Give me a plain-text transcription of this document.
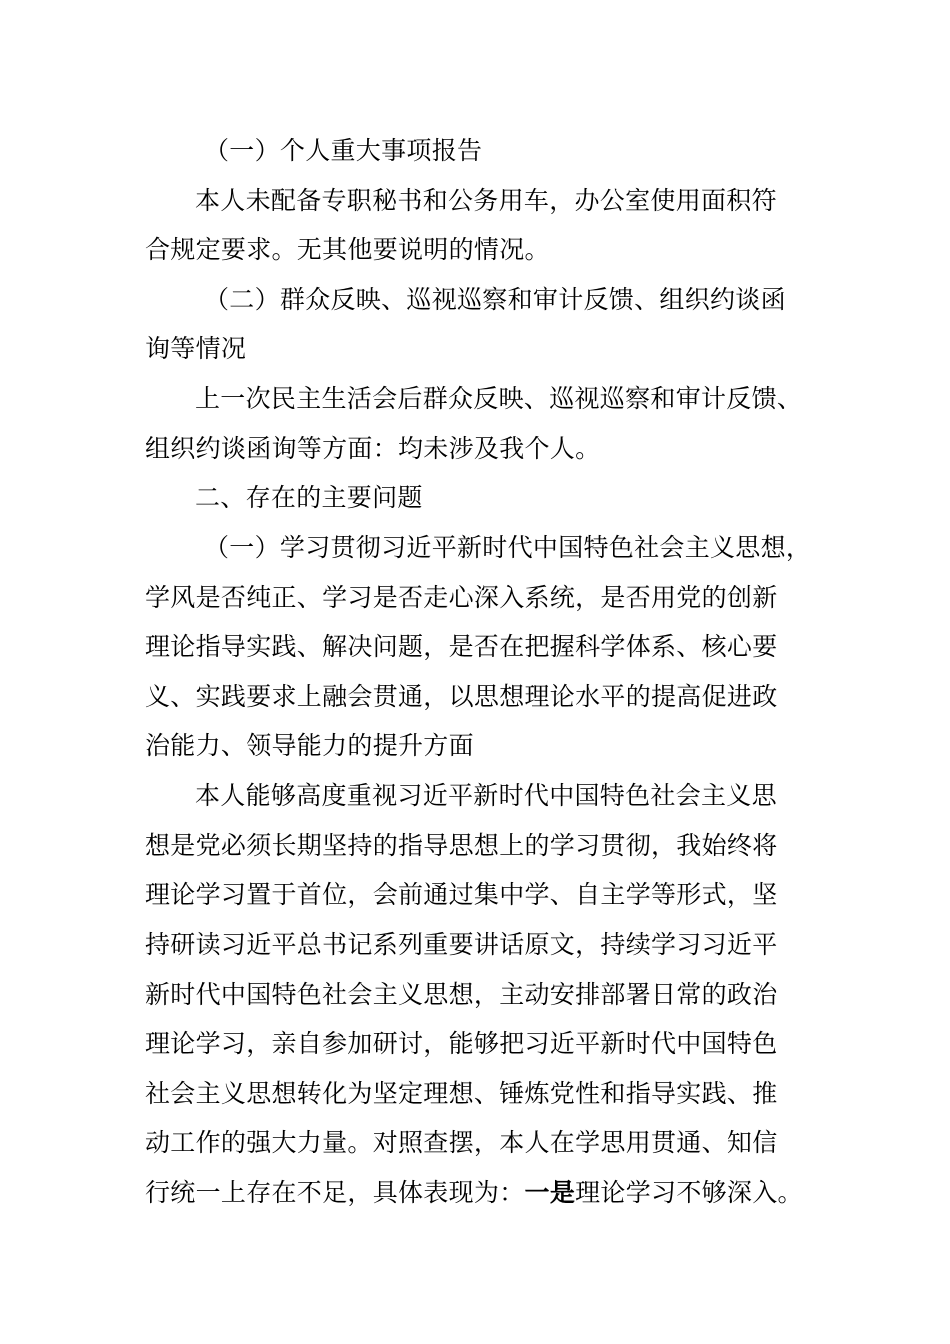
（一）个人重大事项报告
本人未配备专职秘书和公务用车，办公室使用面积符
合规定要求。无其他要说明的情况。
（二）群众反映、巡视巡察和审计反馈、组织约谈函
询等情况
上一次民主生活会后群众反映、巡视巡察和审计反馈、
组织约谈函询等方面：均未涉及我个人。
二、存在的主要问题
（一）学习贯彻习近平新时代中国特色社会主义思想，
学风是否纯正、学习是否走心深入系统，是否用党的创新
理论指导实践、解决问题，是否在把握科学体系、核心要
义、实践要求上融会贯通，以思想理论水平的提高促进政
治能力、领导能力的提升方面
本人能够高度重视习近平新时代中国特色社会主义思
想是党必须长期坚持的指导思想上的学习贯彻，我始终将
理论学习置于首位，会前通过集中学、自主学等形式，坚
持研读习近平总书记系列重要讲话原文，持续学习习近平
新时代中国特色社会主义思想，主动安排部署日常的政治
理论学习，亲自参加研讨，能够把习近平新时代中国特色
社会主义思想转化为坚定理想、锤炼党性和指导实践、推
动工作的强大力量。对照查摆，本人在学思用贯通、知信
行统一上存在不足，具体表现为：一是理论学习不够深入。
